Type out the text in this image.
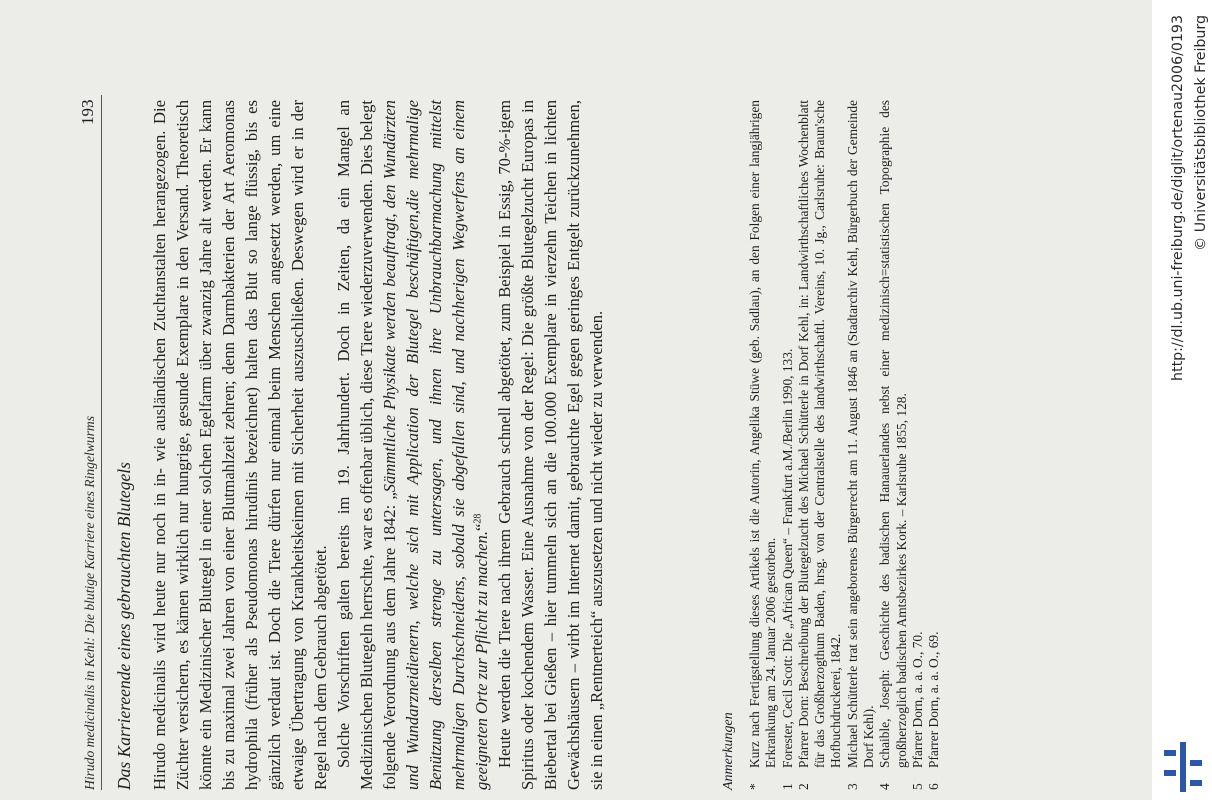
Hirudo medicinalis in Kehl: Die blutige Karriere eines Ringelwurms
193
Das Karriereende eines gebrauchten Blutegels Hirudo medicinalis wird heute nur noch in in- wie ausländischen Zuchtanstalten herangezogen. Die Züchter versichern, es kämen wirklich nur hungrige, gesunde Exemplare in den Versand. Theoretisch könnte ein Medizinischer Blutegel in einer solchen Egelfarm über zwanzig Jahre alt werden. Er kann bis zu maximal zwei Jahren von einer Blutmahlzeit zehren; denn Darmbakterien der Art Aeromonas hydrophila (früher als Pseudomonas hirudinis bezeichnet) halten das Blut so lange flüssig, bis es gänzlich verdaut ist. Doch die Tiere dürfen nur einmal beim Menschen angesetzt werden, um eine etwaige Übertragung von Krankheitskeimen mit Sicherheit auszuschließen. Deswegen wird er in der Regel nach dem Gebrauch abgetötet. Solche Vorschriften galten bereits im 19. Jahrhundert. Doch in Zeiten, da ein Mangel an Medizinischen Blutegeln herrschte, war es offenbar üblich, diese Tiere wiederzuverwenden. Dies belegt folgende Verordnung aus dem Jahre 1842: „Sämmtliche Physikate werden beauftragt, den Wundärzten und Wundarzneidienern, welche sich mit Application der Blutegel beschäftigen,die mehrmalige Benützung derselben strenge zu untersagen, und ihnen ihre Unbrauchbarmachung mittelst mehrmaligen Durchschneidens, sobald sie abgefallen sind, und nachherigen Wegwerfens an einem geeigneten Orte zur Pflicht zu machen.“$^{28}$ Heute werden die Tiere nach ihrem Gebrauch schnell abgetötet, zum Beispiel in Essig, 70-%-igem Spiritus oder kochendem Wasser. Eine Ausnahme von der Regel: Die größte Blutegelzucht Europas in Biebertal bei Gießen – hier tummeln sich an die 100.000 Exemplare in vierzehn Teichen in lichten Gewächshäusern – wirbt im Internet damit, gebrauchte Egel gegen geringes Entgelt zurückzunehmen, sie in einen „Rentnerteich“ auszusetzen und nicht wieder zu verwenden.	Anmerkungen *
Kurz nach Fertigstellung dieses Artikels ist die Autorin, Angelika Stüwe (geb. Sadlau), an den Folgen einer langjährigen Erkrankung am 24. Januar 2006 gestorben.
1
Forester, Cecil Scott: Die „African Queen“ – Frankfurt a.M./Berlin 1990, 133.
2
Pfarrer Dorn: Beschreibung der Blutegelzucht des Michael Schütterle in Dorf Kehl, in: Landwirthschaftliches Wochenblatt für das Großherzogthum Baden, hrsg. von der Centralstelle des landwirthschaftl. Vereins, 10. Jg., Carlsruhe: Braun'sche Hofbuchdruckerei, 1842.
3
Michael Schütterle trat sein angeborenes Bürgerrecht am 11. August 1846 an (Stadtarchiv Kehl, Bürgerbuch der Gemeinde Dorf Kehl).
4
Schaible, Joseph: Geschichte des badischen Hanauerlandes nebst einer medizinisch=statistischen Topographie des großherzoglich badischen Amtsbezirkes Kork. – Karlsruhe 1855, 128.
5
Pfarrer Dorn, a. a. O., 70.
6
Pfarrer Dorn, a. a. O., 69.
http://dl.ub.uni-freiburg.de/diglit/ortenau2006/0193 © Universitätsbibliothek Freiburg
